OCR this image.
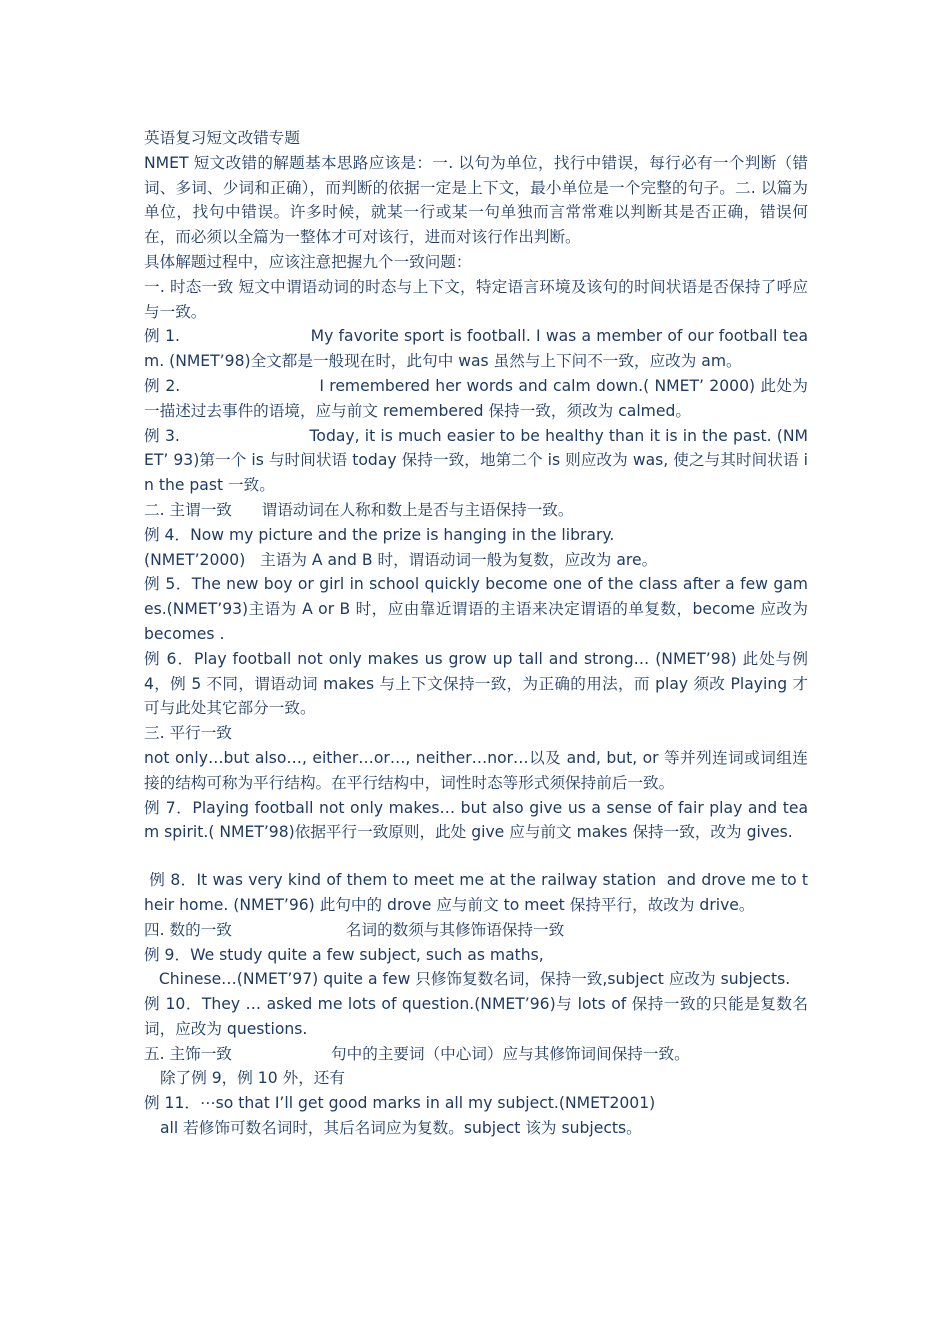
英语复习短文改错专题

NMET 短文改错的解题基本思路应该是：一. 以句为单位，找行中错误，每行必有一个判断（错词、多词、少词和正确），而判断的依据一定是上下文，最小单位是一个完整的句子。二. 以篇为单位，找句中错误。许多时候，就某一行或某一句单独而言常常难以判断其是否正确，错误何在，而必须以全篇为一整体才可对该行，进而对该行作出判断。

具体解题过程中，应该注意把握九个一致问题：

一. 时态一致 短文中谓语动词的时态与上下文，特定语言环境及该句的时间状语是否保持了呼应与一致。

例 1.                         My favorite sport is football. I was a member of our football team. (NMET’98)全文都是一般现在时，此句中 was 虽然与上下问不一致，应改为 am。

例 2.                          I remembered her words and calm down.( NMET’ 2000) 此处为一描述过去事件的语境，应与前文 remembered 保持一致，须改为 calmed。

例 3.                         Today, it is much easier to be healthy than it is in the past. (NMET’ 93)第一个 is 与时间状语 today 保持一致，地第二个 is 则应改为 was, 使之与其时间状语 in the past 一致。

二. 主谓一致      谓语动词在人称和数上是否与主语保持一致。

例 4．Now my picture and the prize is hanging in the library.

(NMET’2000)   主语为 A and B 时，谓语动词一般为复数，应改为 are。

例 5．The new boy or girl in school quickly become one of the class after a few games.(NMET’93)主语为 A or B 时，应由靠近谓语的主语来决定谓语的单复数，become 应改为 becomes .

例 6．Play football not only makes us grow up tall and strong… (NMET’98) 此处与例 4，例 5 不同，谓语动词 makes 与上下文保持一致，为正确的用法，而 play 须改 Playing 才可与此处其它部分一致。

三. 平行一致

not only…but also…, either…or…, neither…nor…以及 and, but, or 等并列连词或词组连接的结构可称为平行结构。在平行结构中，词性时态等形式须保持前后一致。

例 7．Playing football not only makes… but also give us a sense of fair play and team spirit.( NMET’98)依据平行一致原则，此处 give 应与前文 makes 保持一致，改为 gives.

例 8．It was very kind of them to meet me at the railway station  and drove me to their home. (NMET’96) 此句中的 drove 应与前文 to meet 保持平行，故改为 drive。

四. 数的一致                       名词的数须与其修饰语保持一致

例 9．We study quite a few subject, such as maths,

Chinese…(NMET’97) quite a few 只修饰复数名词，保持一致,subject 应改为 subjects.

例 10．They … asked me lots of question.(NMET’96)与 lots of 保持一致的只能是复数名词，应改为 questions.

五. 主饰一致                    句中的主要词（中心词）应与其修饰词间保持一致。

除了例 9，例 10 外，还有

例 11．⋯so that I’ll get good marks in all my subject.(NMET2001)

all 若修饰可数名词时，其后名词应为复数。subject 该为 subjects。
